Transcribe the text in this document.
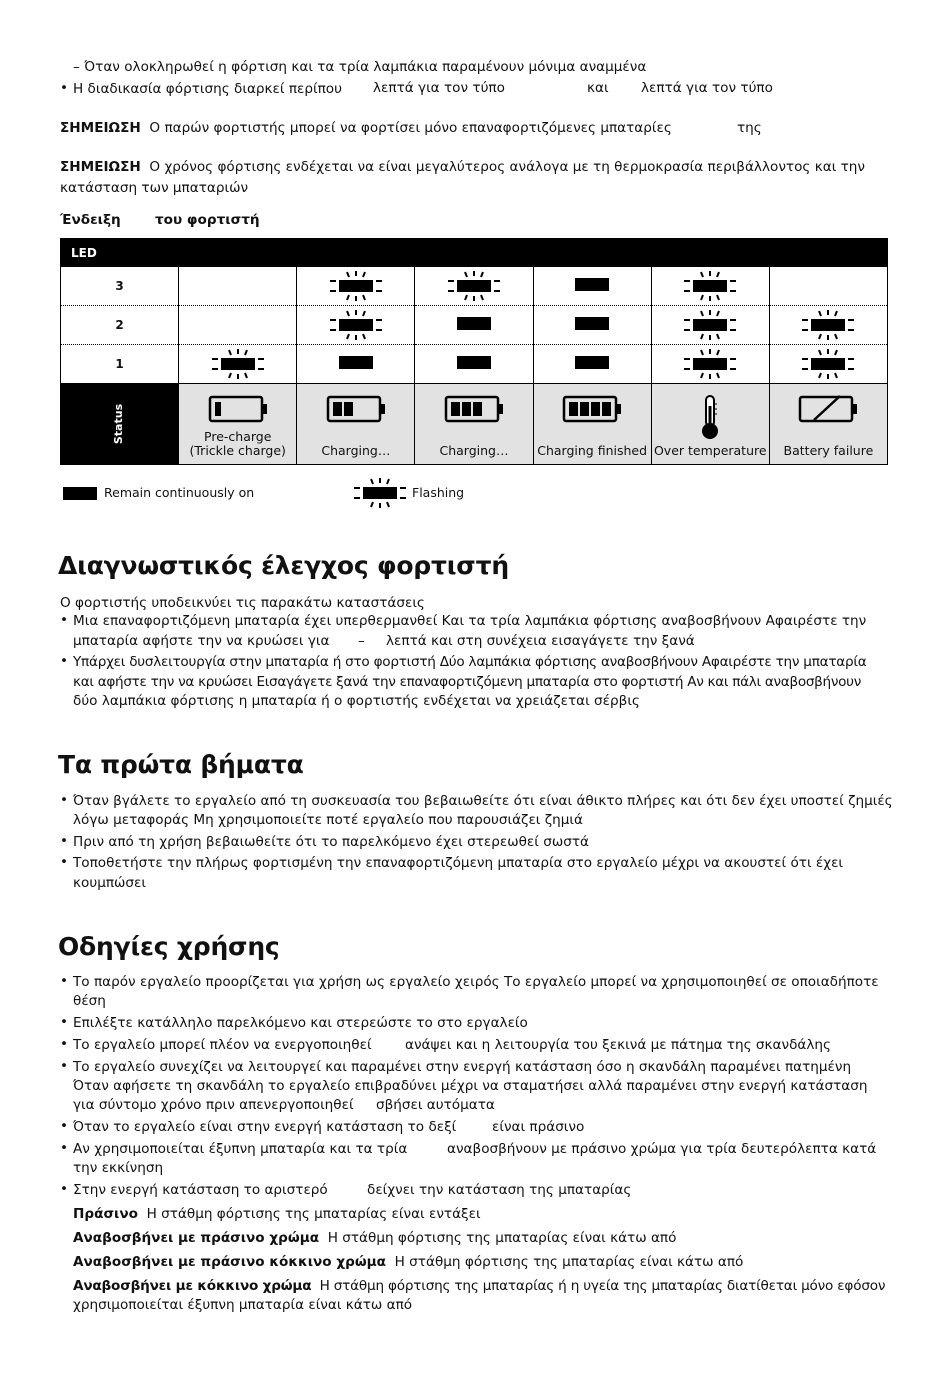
– Όταν ολοκληρωθεί η φόρτιση και τα τρία λαμπάκια παραμένουν μόνιμα αναμμένα
• Η διαδικασία φόρτισης διαρκεί περίπου λεπτά για τον τύπο	και λεπτά για τον τύπο
ΣΗΜΕΙΩΣΗ Ο παρών φορτιστής μπορεί να φορτίσει μόνο επαναφορτιζόμενες μπαταρίες	της
ΣΗΜΕΙΩΣΗ Ο χρόνος φόρτισης ενδέχεται να είναι μεγαλύτερος ανάλογα με τη θερμοκρασία περιβάλλοντος και την
κατάσταση των μπαταριών
Ένδειξη	του φορτιστή
LED						
3		

2		

1	

Status	Pre-charge
(Trickle charge)	Charging…	Charging…	Charging finished	Over temperature	Battery failure
Remain continuously on	Flashing
Διαγνωστικός έλεγχος φορτιστή
Ο φορτιστής υποδεικνύει τις παρακάτω καταστάσεις
• Μια επαναφορτιζόμενη μπαταρία έχει υπερθερμανθεί Και τα τρία λαμπάκια φόρτισης αναβοσβήνουν Αφαιρέστε την
μπαταρία αφήστε την να κρυώσει για – λεπτά και στη συνέχεια εισαγάγετε την ξανά
• Υπάρχει δυσλειτουργία στην μπαταρία ή στο φορτιστή Δύο λαμπάκια φόρτισης αναβοσβήνουν Αφαιρέστε την μπαταρία
και αφήστε την να κρυώσει Εισαγάγετε ξανά την επαναφορτιζόμενη μπαταρία στο φορτιστή Αν και πάλι αναβοσβήνουν
δύο λαμπάκια φόρτισης η μπαταρία ή ο φορτιστής ενδέχεται να χρειάζεται σέρβις
Τα πρώτα βήματα
• Όταν βγάλετε το εργαλείο από τη συσκευασία του βεβαιωθείτε ότι είναι άθικτο πλήρες και ότι δεν έχει υποστεί ζημιές
λόγω μεταφοράς Μη χρησιμοποιείτε ποτέ εργαλείο που παρουσιάζει ζημιά
• Πριν από τη χρήση βεβαιωθείτε ότι το παρελκόμενο έχει στερεωθεί σωστά
• Τοποθετήστε την πλήρως φορτισμένη την επαναφορτιζόμενη μπαταρία στο εργαλείο μέχρι να ακουστεί ότι έχει
κουμπώσει
Οδηγίες χρήσης
• Το παρόν εργαλείο προορίζεται για χρήση ως εργαλείο χειρός Το εργαλείο μπορεί να χρησιμοποιηθεί σε οποιαδήποτε
θέση
• Επιλέξτε κατάλληλο παρελκόμενο και στερεώστε το στο εργαλείο
• Το εργαλείο μπορεί πλέον να ενεργοποιηθεί ανάψει και η λειτουργία του ξεκινά με πάτημα της σκανδάλης
• Το εργαλείο συνεχίζει να λειτουργεί και παραμένει στην ενεργή κατάσταση όσο η σκανδάλη παραμένει πατημένη
Όταν αφήσετε τη σκανδάλη το εργαλείο επιβραδύνει μέχρι να σταματήσει αλλά παραμένει στην ενεργή κατάσταση
για σύντομο χρόνο πριν απενεργοποιηθεί σβήσει αυτόματα
• Όταν το εργαλείο είναι στην ενεργή κατάσταση το δεξί	είναι πράσινο
• Αν χρησιμοποιείται έξυπνη μπαταρία και τα τρία	αναβοσβήνουν με πράσινο χρώμα για τρία δευτερόλεπτα κατά
την εκκίνηση
• Στην ενεργή κατάσταση το αριστερό	δείχνει την κατάσταση της μπαταρίας
Πράσινο Η στάθμη φόρτισης της μπαταρίας είναι εντάξει
Αναβοσβήνει με πράσινο χρώμα Η στάθμη φόρτισης της μπαταρίας είναι κάτω από
Αναβοσβήνει με πράσινο κόκκινο χρώμα Η στάθμη φόρτισης της μπαταρίας είναι κάτω από
Αναβοσβήνει με κόκκινο χρώμα Η στάθμη φόρτισης της μπαταρίας ή η υγεία της μπαταρίας διατίθεται μόνο εφόσον
χρησιμοποιείται έξυπνη μπαταρία είναι κάτω από
